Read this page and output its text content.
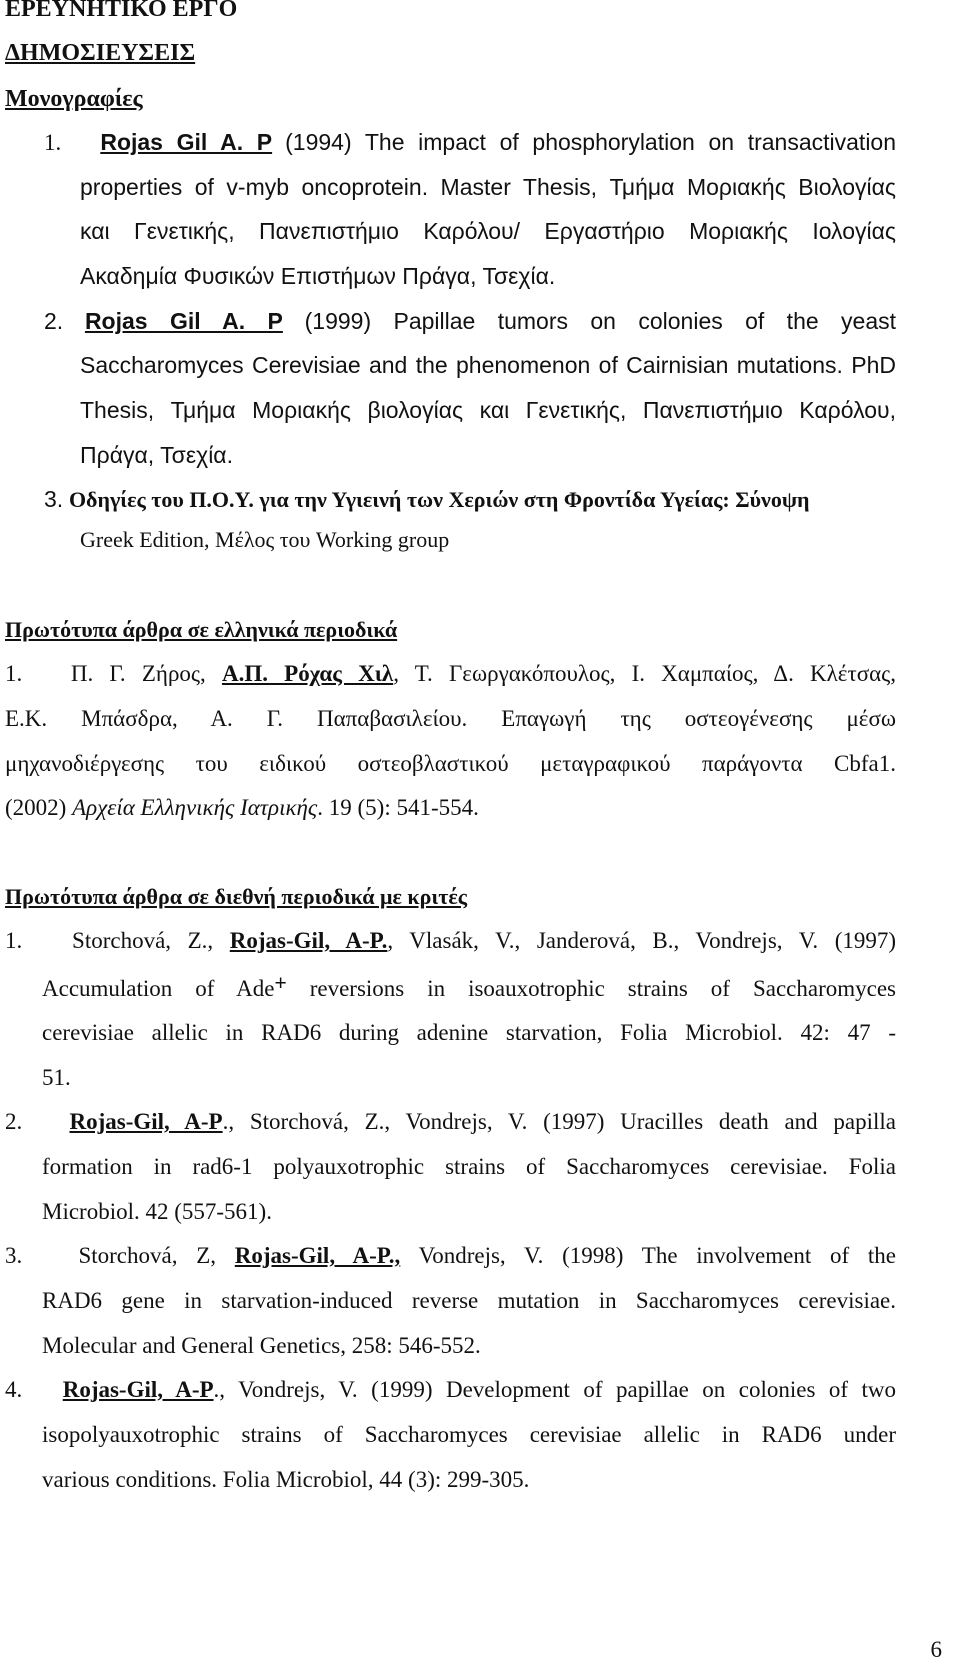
ΕΡΕΥΝΗΤΙΚΟ ΕΡΓΟ
ΔΗΜΟΣΙΕΥΣΕΙΣ
Μονογραφίες
1. Rojas Gil A. P (1994) The impact of phosphorylation on transactivation
properties of v-myb oncoprotein. Master Thesis, Τμήμα Μοριακής Βιολογίας
και Γενετικής, Πανεπιστήμιο Καρόλου/ Εργαστήριο Μοριακής Ιολογίας
Ακαδημία Φυσικών Επιστήμων Πράγα, Τσεχία.
2. Rojas Gil A. P (1999) Papillae tumors on colonies of the yeast
Saccharomyces Cerevisiae and the phenomenon of Cairnisian mutations. PhD
Thesis, Τμήμα Μοριακής βιολογίας και Γενετικής, Πανεπιστήμιο Καρόλου,
Πράγα, Τσεχία.
3. Οδηγίες του Π.Ο.Υ. για την Υγιεινή των Χεριών στη Φροντίδα Υγείας: Σύνοψη
Greek Edition, Μέλος του Working group
Πρωτότυπα άρθρα σε ελληνικά περιοδικά
1. Π. Γ. Ζήρος, Α.Π. Ρόχας Χιλ, Τ. Γεωργακόπουλος, Ι. Χαμπαίος, Δ. Κλέτσας,
Ε.Κ. Μπάσδρα, Α. Γ. Παπαβασιλείου. Επαγωγή της οστεογένεσης μέσω
μηχανοδιέργεσης του ειδικού οστεοβλαστικού μεταγραφικού παράγοντα Cbfa1.
(2002) Αρχεία Ελληνικής Ιατρικής. 19 (5): 541-554.
Πρωτότυπα άρθρα σε διεθνή περιοδικά με κριτές
1. Storchová, Z., Rojas-Gil, A-P., Vlasák, V., Janderová, B., Vondrejs, V. (1997)
Accumulation of Ade+ reversions in isoauxotrophic strains of Saccharomyces
cerevisiae allelic in RAD6 during adenine starvation, Folia Microbiol. 42: 47 -
51.
2. Rojas-Gil, A-P., Storchová, Z., Vondrejs, V. (1997) Uracilles death and papilla
formation in rad6-1 polyauxotrophic strains of Saccharomyces cerevisiae. Folia
Microbiol. 42 (557-561).
3. Storchová, Z, Rojas-Gil, A-P., Vondrejs, V. (1998) The involvement of the
RAD6 gene in starvation-induced reverse mutation in Saccharomyces cerevisiae.
Molecular and General Genetics, 258: 546-552.
4. Rojas-Gil, A-P., Vondrejs, V. (1999) Development of papillae on colonies of two
isopolyauxotrophic strains of Saccharomyces cerevisiae allelic in RAD6 under
various conditions. Folia Microbiol, 44 (3): 299-305.
6
